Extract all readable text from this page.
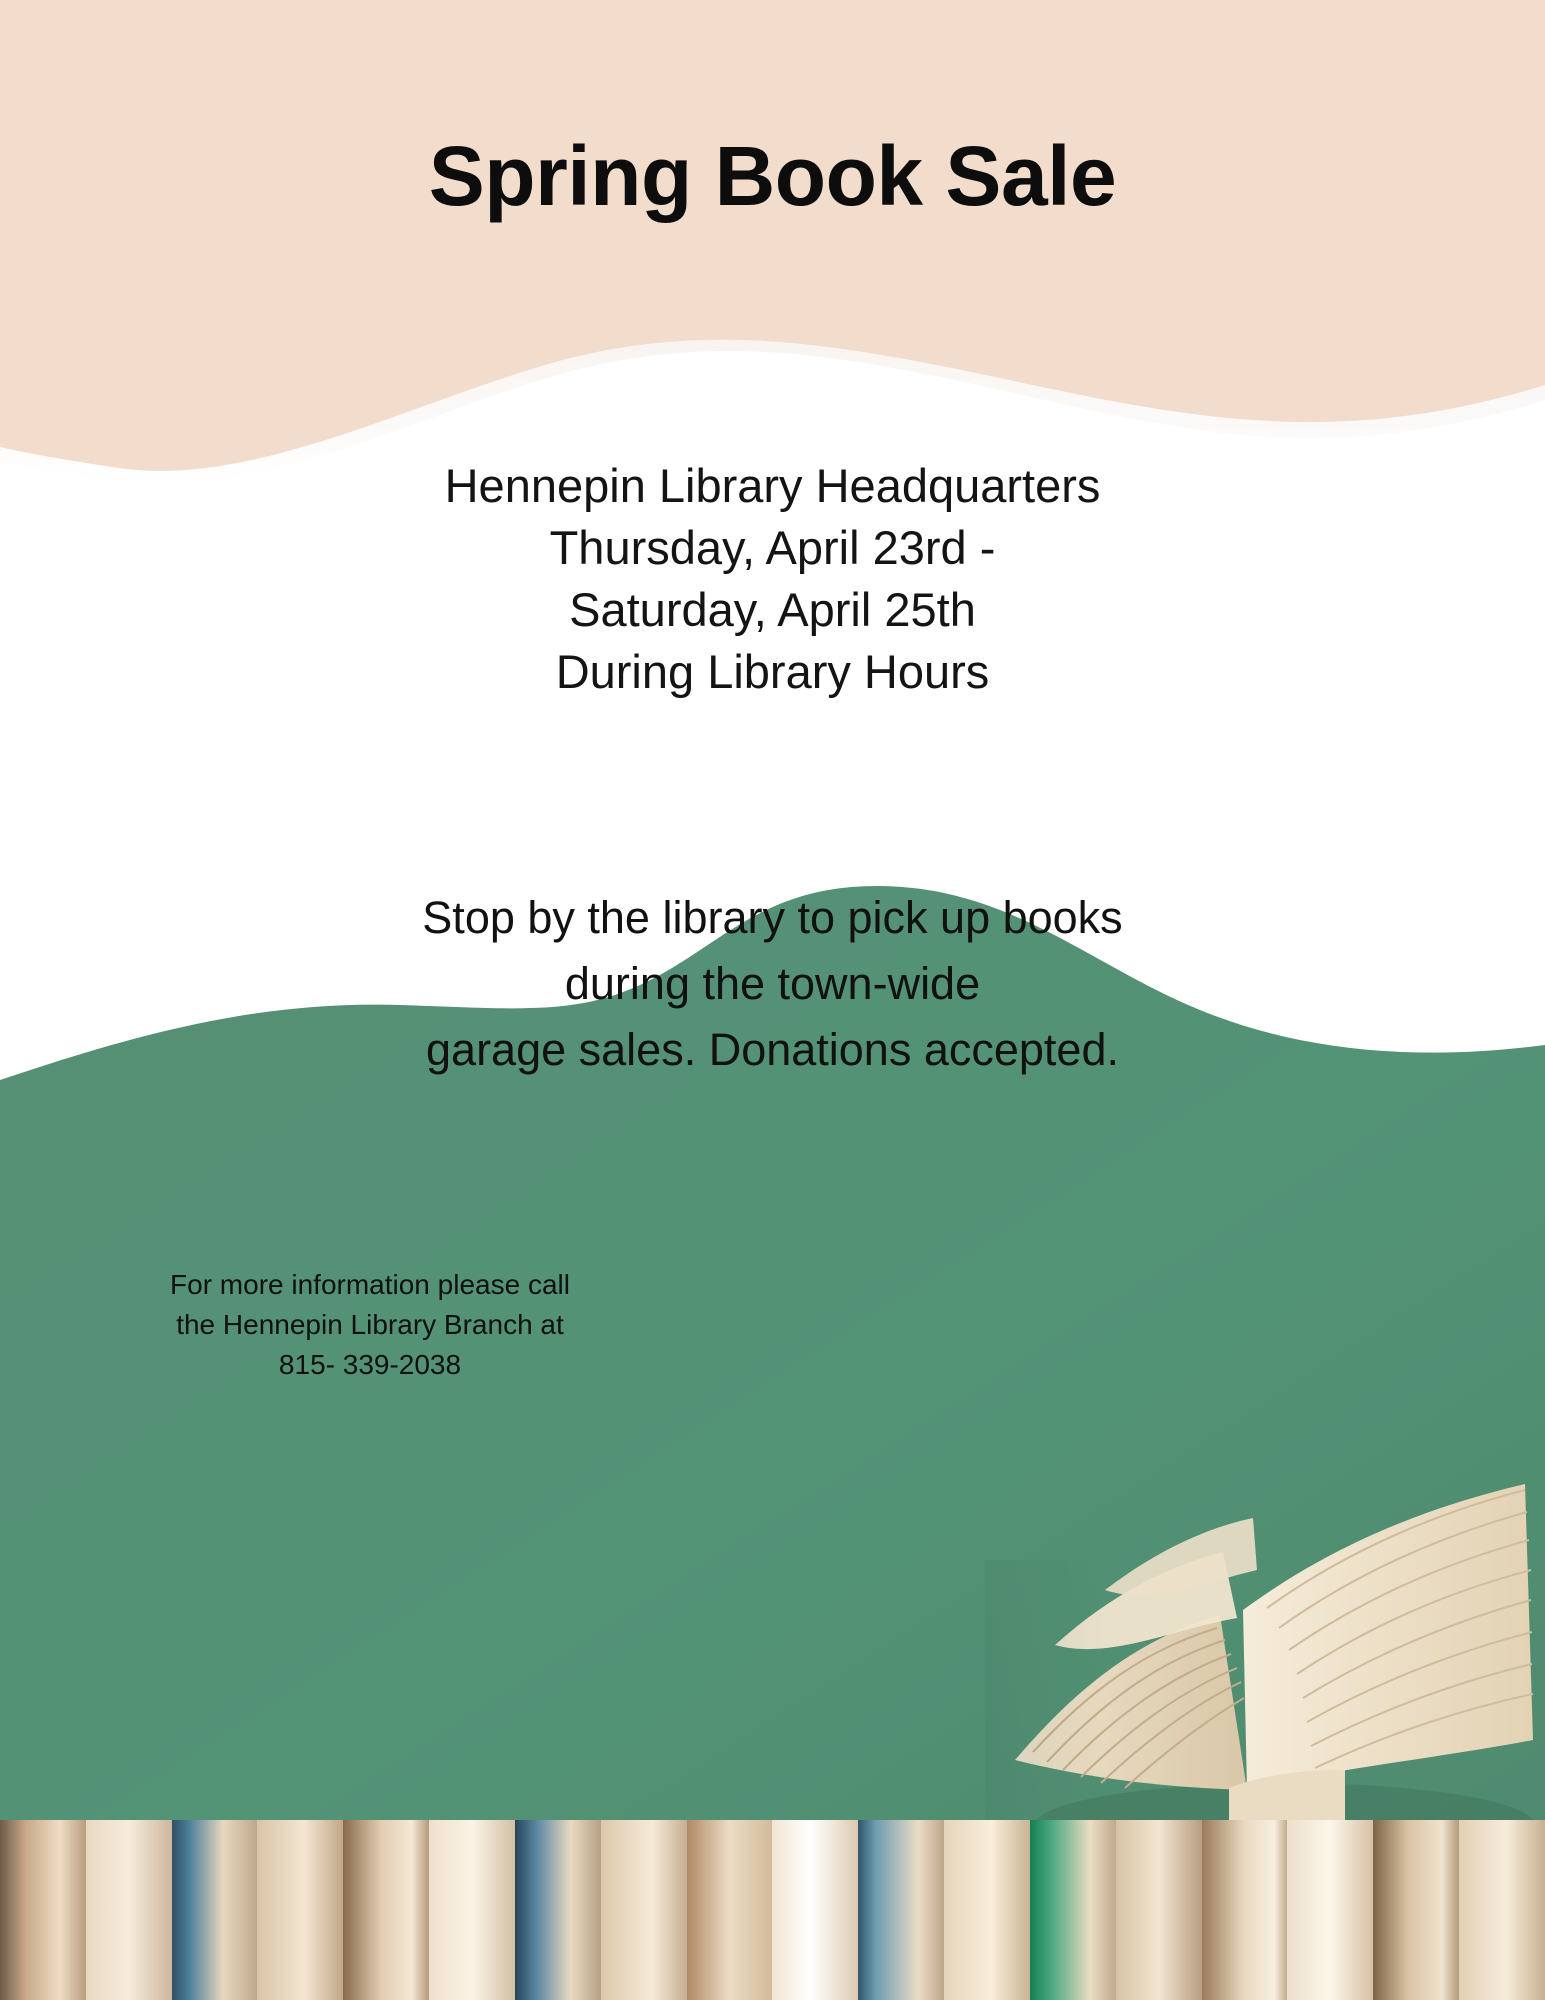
Spring Book Sale
Hennepin Library Headquarters
Thursday, April 23rd -
Saturday, April 25th
During Library Hours
Stop by the library to pick up books
during the town-wide
garage sales. Donations accepted.
For more information please call
the Hennepin Library Branch at
815- 339-2038
